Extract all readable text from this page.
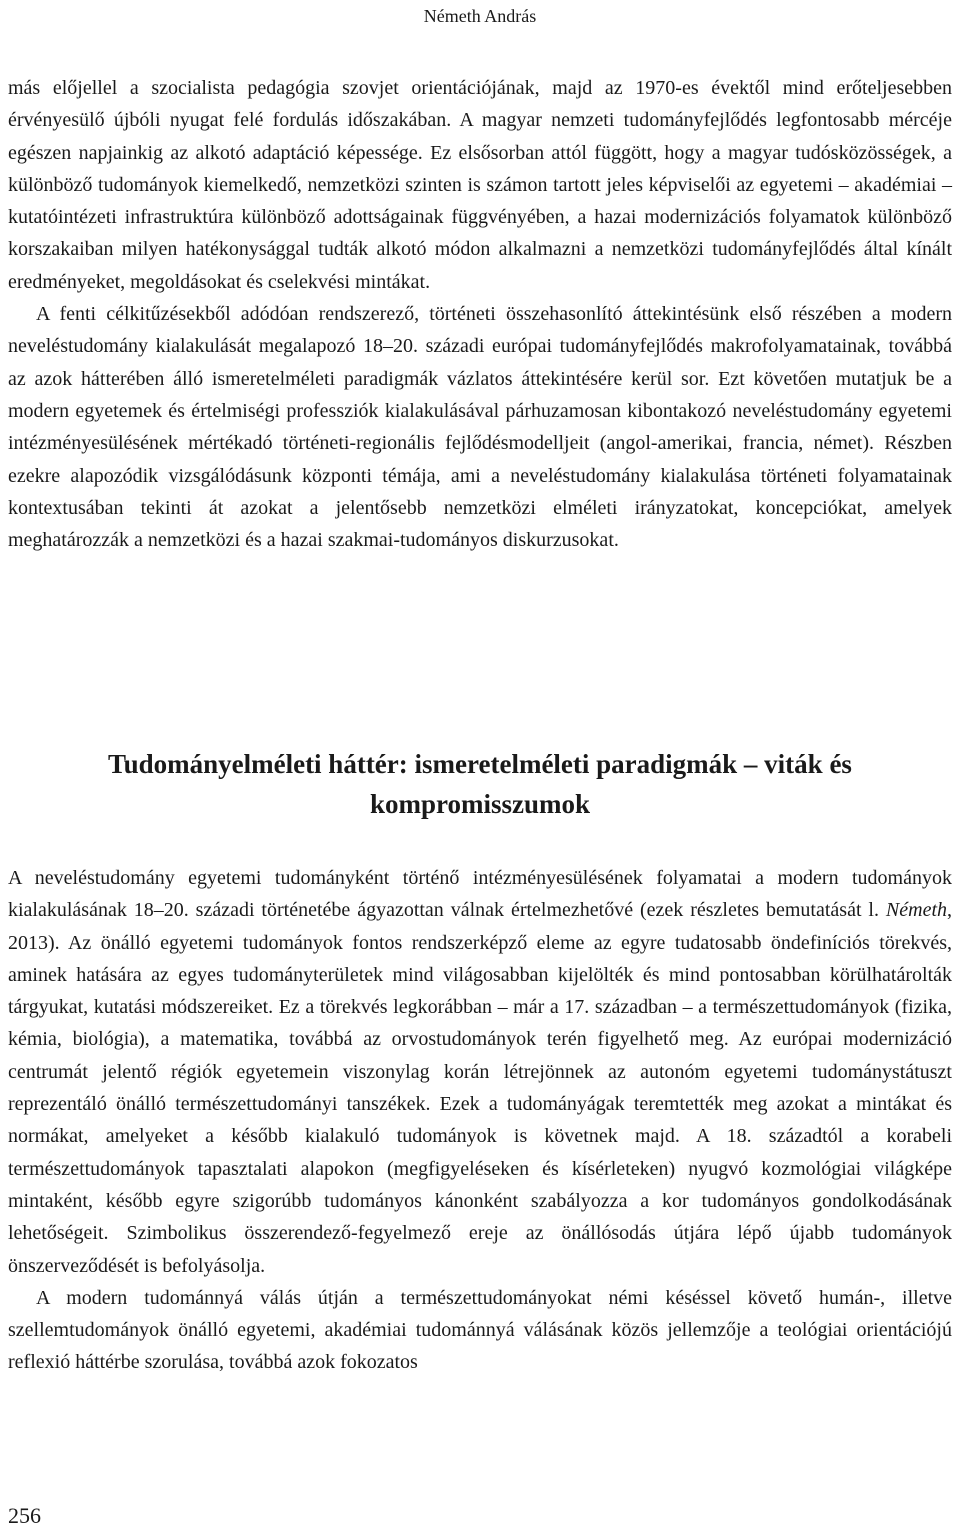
Németh András

más előjellel a szocialista pedagógia szovjet orientációjának, majd az 1970-es évektől mind erőteljesebben érvényesülő újbóli nyugat felé fordulás időszakában. A magyar nemzeti tudományfejlődés legfontosabb mércéje egészen napjainkig az alkotó adaptáció képessége. Ez elsősorban attól függött, hogy a magyar tudósközösségek, a különböző tudományok kiemelkedő, nemzetközi szinten is számon tartott jeles képviselői az egyetemi – akadémiai – kutatóintézeti infrastruktúra különböző adottságainak függvényében, a hazai modernizációs folyamatok különböző korszakaiban milyen hatékonysággal tudták alkotó módon alkalmazni a nemzetközi tudományfejlődés által kínált eredményeket, megoldásokat és cselekvési mintákat.

A fenti célkitűzésekből adódóan rendszerező, történeti összehasonlító áttekintésünk első részében a modern neveléstudomány kialakulását megalapozó 18–20. századi európai tudományfejlődés makrofolyamatainak, továbbá az azok hátterében álló ismeretelméleti paradigmák vázlatos áttekintésére kerül sor. Ezt követően mutatjuk be a modern egyetemek és értelmiségi professziók kialakulásával párhuzamosan kibontakozó neveléstudomány egyetemi intézményesülésének mértékadó történeti-regionális fejlődésmodelljeit (angol-amerikai, francia, német). Részben ezekre alapozódik vizsgálódásunk központi témája, ami a neveléstudomány kialakulása történeti folyamatainak kontextusában tekinti át azokat a jelentősebb nemzetközi elméleti irányzatokat, koncepciókat, amelyek meghatározzák a nemzetközi és a hazai szakmai-tudományos diskurzusokat.

Tudományelméleti háttér: ismeretelméleti paradigmák – viták és kompromisszumok

A neveléstudomány egyetemi tudományként történő intézményesülésének folyamatai a modern tudományok kialakulásának 18–20. századi történetébe ágyazottan válnak értelmezhetővé (ezek részletes bemutatását l. Németh, 2013). Az önálló egyetemi tudományok fontos rendszerképző eleme az egyre tudatosabb öndefiníciós törekvés, aminek hatására az egyes tudományterületek mind világosabban kijelölték és mind pontosabban körülhatárolták tárgyukat, kutatási módszereiket. Ez a törekvés legkorábban – már a 17. században – a természettudományok (fizika, kémia, biológia), a matematika, továbbá az orvostudományok terén figyelhető meg. Az európai modernizáció centrumát jelentő régiók egyetemein viszonylag korán létrejönnek az autonóm egyetemi tudománystátuszt reprezentáló önálló természettudományi tanszékek. Ezek a tudományágak teremtették meg azokat a mintákat és normákat, amelyeket a később kialakuló tudományok is követnek majd. A 18. századtól a korabeli természettudományok tapasztalati alapokon (megfigyeléseken és kísérleteken) nyugvó kozmológiai világképe mintaként, később egyre szigorúbb tudományos kánonként szabályozza a kor tudományos gondolkodásának lehetőségeit. Szimbolikus összerendező-fegyelmező ereje az önállósodás útjára lépő újabb tudományok önszerveződését is befolyásolja.

A modern tudománnyá válás útján a természettudományokat némi késéssel követő humán-, illetve szellemtudományok önálló egyetemi, akadémiai tudománnyá válásának közös jellemzője a teológiai orientációjú reflexió háttérbe szorulása, továbbá azok fokozatos

256
